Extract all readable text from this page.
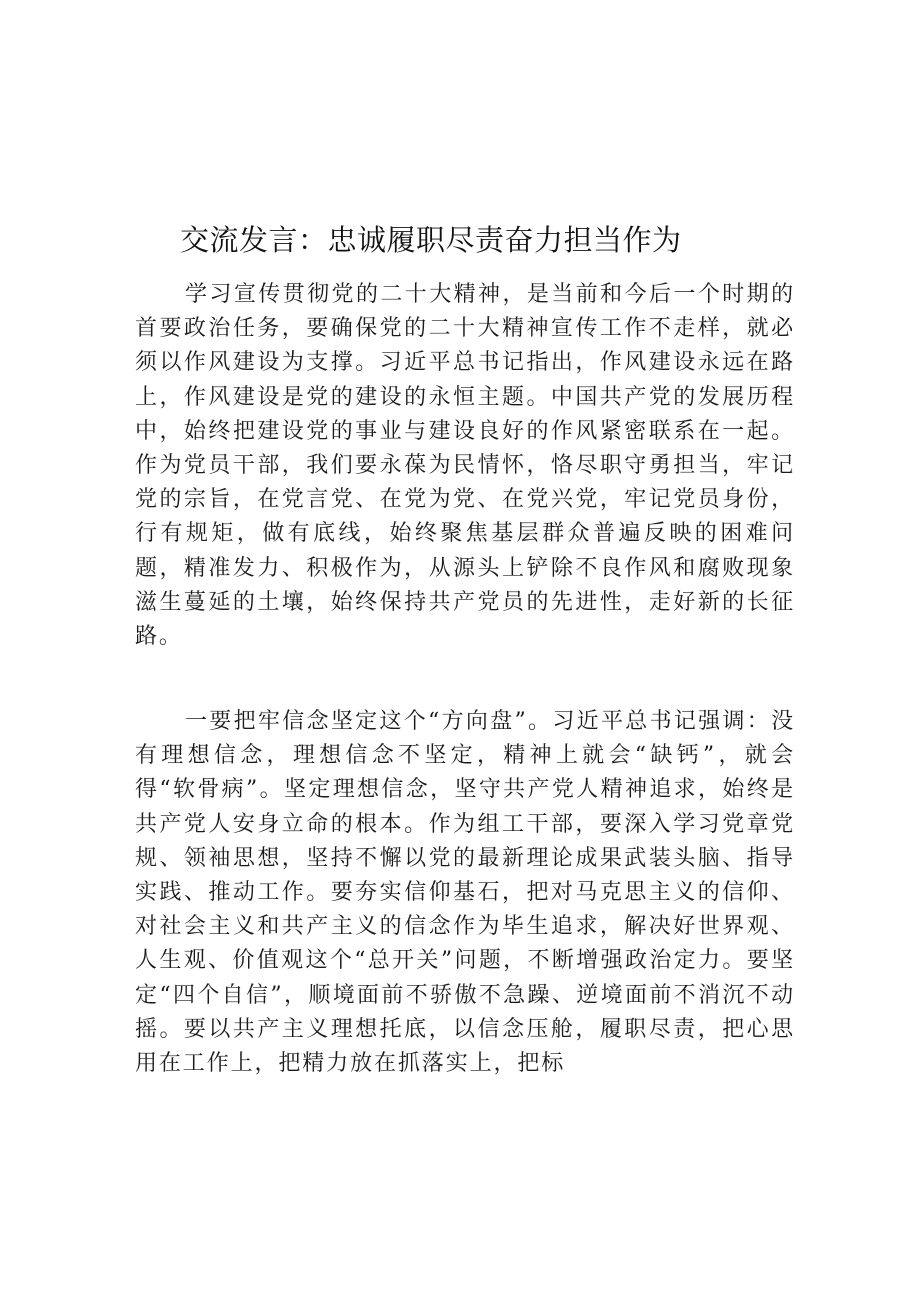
交流发言：忠诚履职尽责奋力担当作为

学习宣传贯彻党的二十大精神，是当前和今后一个时期的首要政治任务，要确保党的二十大精神宣传工作不走样，就必须以作风建设为支撑。习近平总书记指出，作风建设永远在路上，作风建设是党的建设的永恒主题。中国共产党的发展历程中，始终把建设党的事业与建设良好的作风紧密联系在一起。作为党员干部，我们要永葆为民情怀，恪尽职守勇担当，牢记党的宗旨，在党言党、在党为党、在党兴党，牢记党员身份，行有规矩，做有底线，始终聚焦基层群众普遍反映的困难问题，精准发力、积极作为，从源头上铲除不良作风和腐败现象滋生蔓延的土壤，始终保持共产党员的先进性，走好新的长征路。

一要把牢信念坚定这个“方向盘”。习近平总书记强调：没有理想信念，理想信念不坚定，精神上就会“缺钙”，就会得“软骨病”。坚定理想信念，坚守共产党人精神追求，始终是共产党人安身立命的根本。作为组工干部，要深入学习党章党规、领袖思想，坚持不懈以党的最新理论成果武装头脑、指导实践、推动工作。要夯实信仰基石，把对马克思主义的信仰、对社会主义和共产主义的信念作为毕生追求，解决好世界观、人生观、价值观这个“总开关”问题，不断增强政治定力。要坚定“四个自信”，顺境面前不骄傲不急躁、逆境面前不消沉不动摇。要以共产主义理想托底，以信念压舱，履职尽责，把心思用在工作上，把精力放在抓落实上，把标
